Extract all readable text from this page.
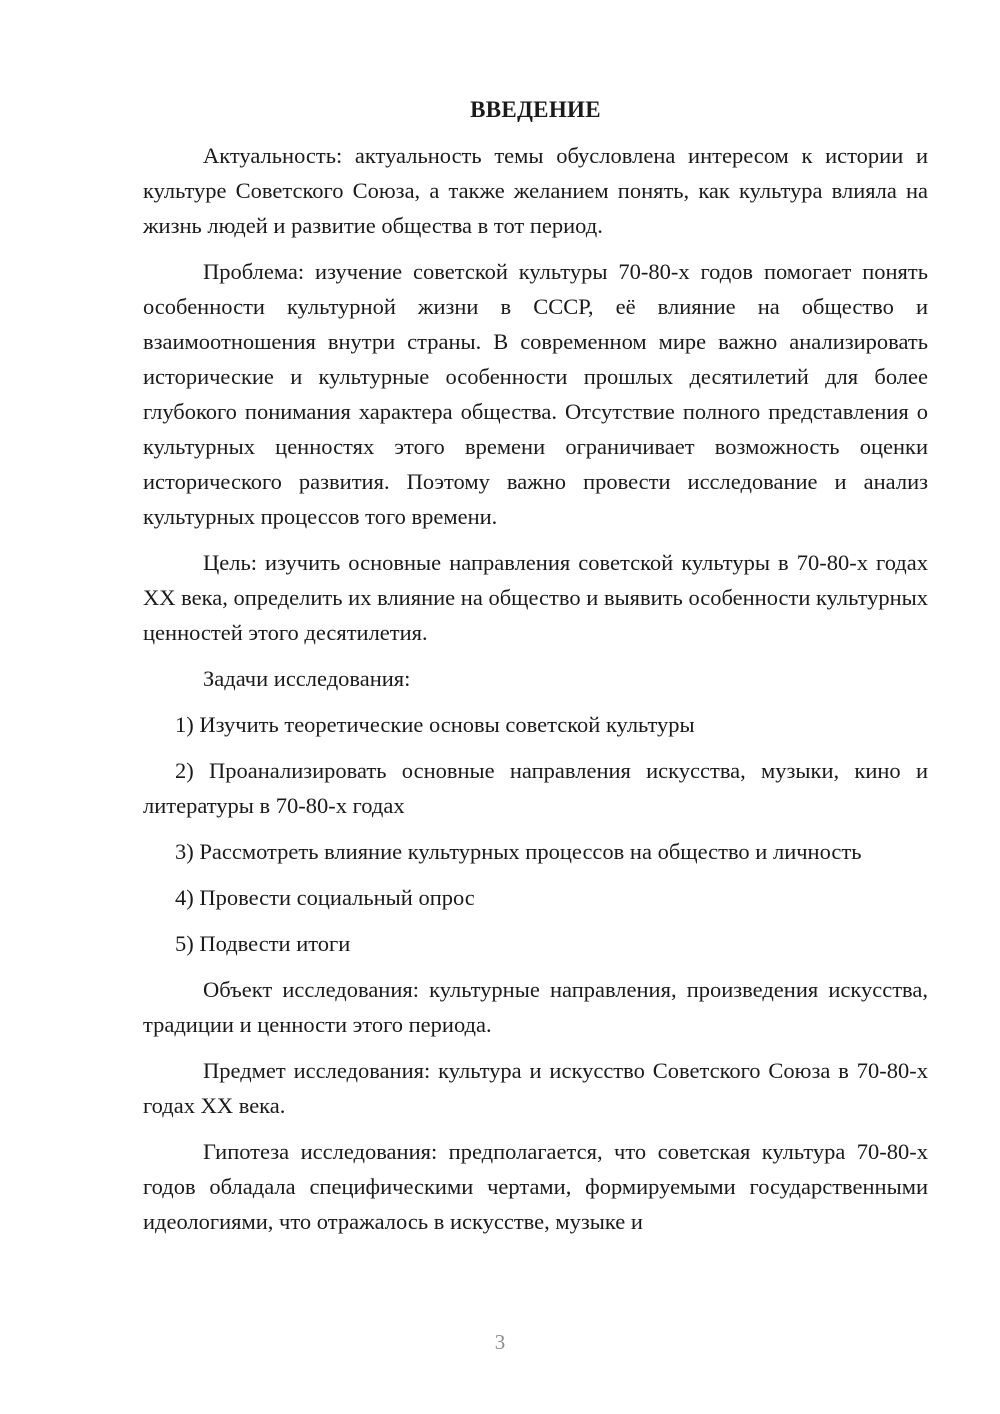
ВВЕДЕНИЕ

Актуальность: актуальность темы обусловлена интересом к истории и культуре Советского Союза, а также желанием понять, как культура влияла на жизнь людей и развитие общества в тот период.

Проблема: изучение советской культуры 70-80-х годов помогает понять особенности культурной жизни в СССР, её влияние на общество и взаимоотношения внутри страны. В современном мире важно анализировать исторические и культурные особенности прошлых десятилетий для более глубокого понимания характера общества. Отсутствие полного представления о культурных ценностях этого времени ограничивает возможность оценки исторического развития. Поэтому важно провести исследование и анализ культурных процессов того времени.

Цель: изучить основные направления советской культуры в 70-80-х годах XX века, определить их влияние на общество и выявить особенности культурных ценностей этого десятилетия.

Задачи исследования:

1) Изучить теоретические основы советской культуры

2) Проанализировать основные направления искусства, музыки, кино и литературы в 70-80-х годах

3) Рассмотреть влияние культурных процессов на общество и личность

4) Провести социальный опрос

5) Подвести итоги

Объект исследования: культурные направления, произведения искусства, традиции и ценности этого периода.

Предмет исследования: культура и искусство Советского Союза в 70-80-х годах XX века.

Гипотеза исследования: предполагается, что советская культура 70-80-х годов обладала специфическими чертами, формируемыми государственными идеологиями, что отражалось в искусстве, музыке и

3
